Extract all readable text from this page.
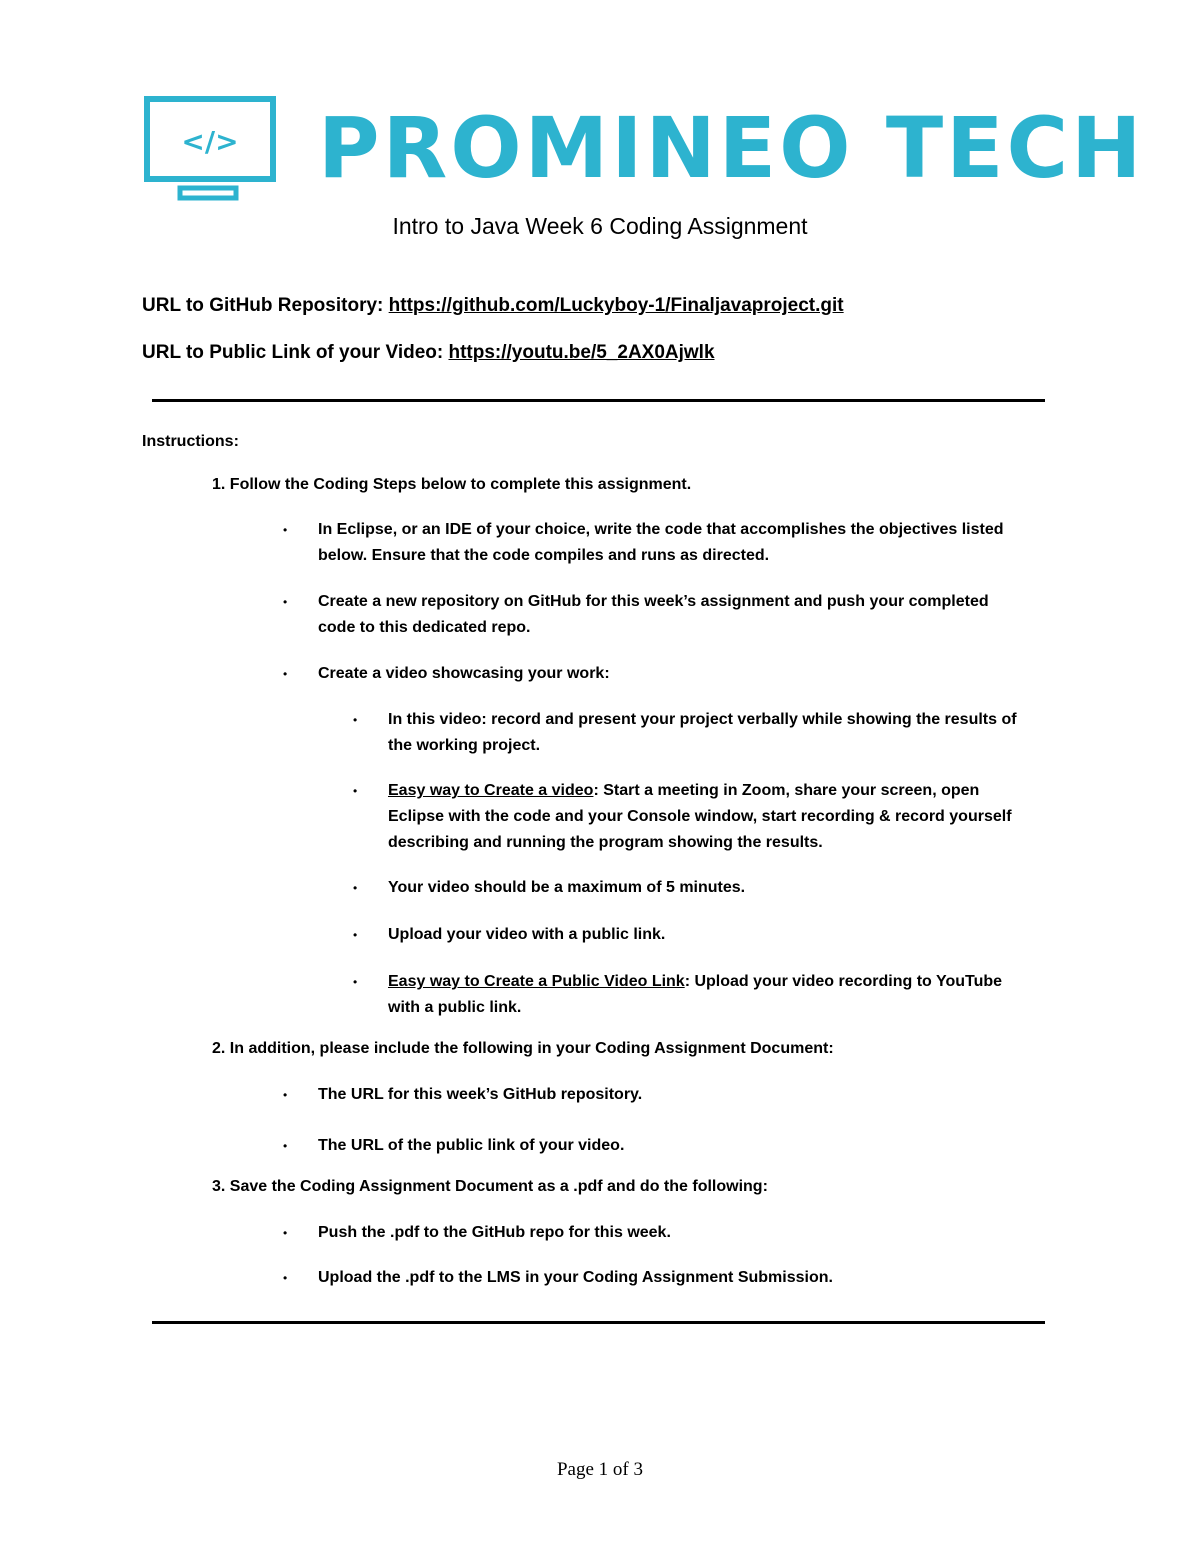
</> PROMINEO TECH
Intro to Java Week 6 Coding Assignment
URL to GitHub Repository: https://github.com/Luckyboy-1/Finaljavaproject.git
URL to Public Link of your Video: https://youtu.be/5_2AX0Ajwlk
Instructions:
1. Follow the Coding Steps below to complete this assignment.
• In Eclipse, or an IDE of your choice, write the code that accomplishes the objectives listed
below. Ensure that the code compiles and runs as directed.
• Create a new repository on GitHub for this week’s assignment and push your completed
code to this dedicated repo.
• Create a video showcasing your work:
• In this video: record and present your project verbally while showing the results of
the working project.
• Easy way to Create a video: Start a meeting in Zoom, share your screen, open
Eclipse with the code and your Console window, start recording & record yourself
describing and running the program showing the results.
• Your video should be a maximum of 5 minutes.
• Upload your video with a public link.
• Easy way to Create a Public Video Link: Upload your video recording to YouTube
with a public link.
2. In addition, please include the following in your Coding Assignment Document:
• The URL for this week’s GitHub repository.
• The URL of the public link of your video.
3. Save the Coding Assignment Document as a .pdf and do the following:
• Push the .pdf to the GitHub repo for this week.
• Upload the .pdf to the LMS in your Coding Assignment Submission.
Page 1 of 3
